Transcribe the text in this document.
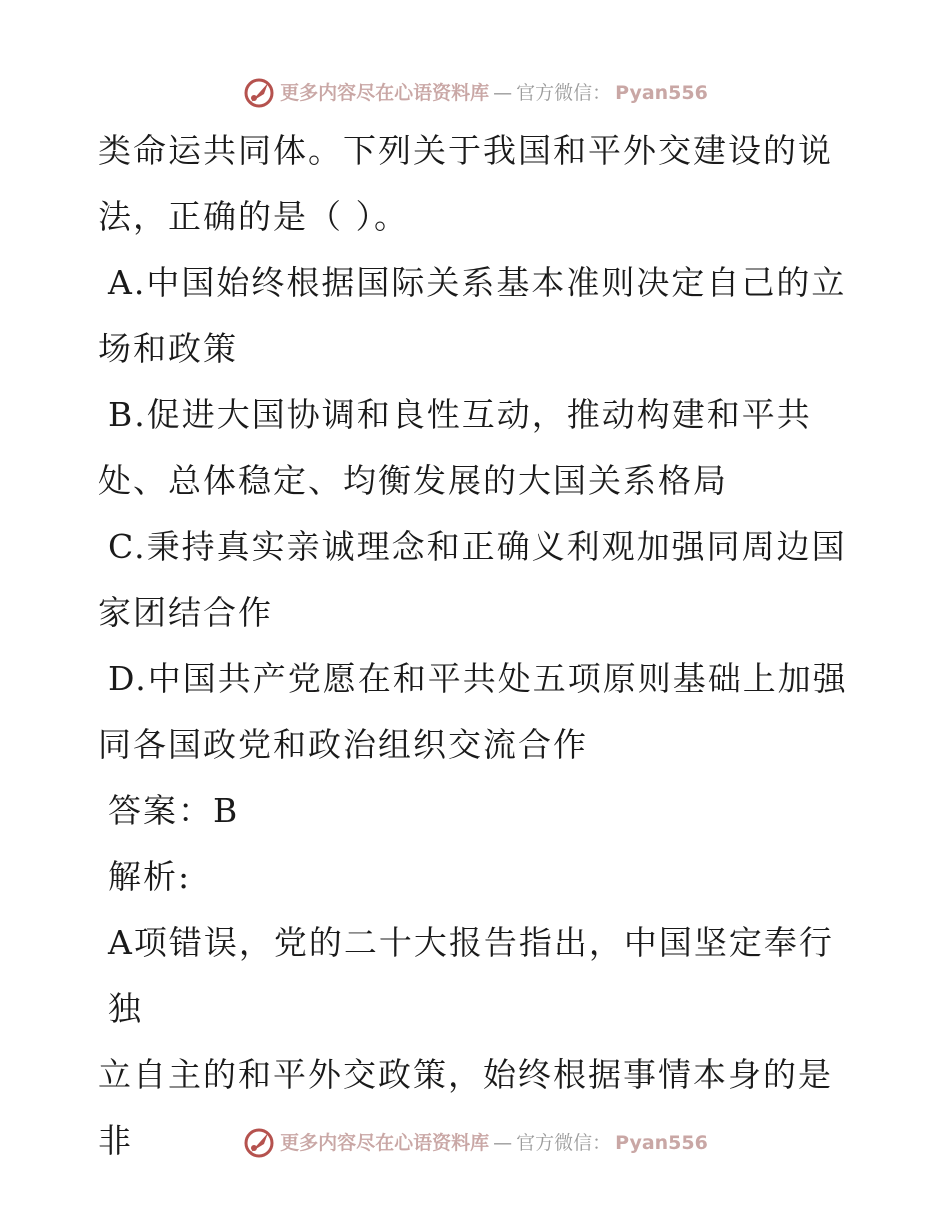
更多内容尽在心语资料库 — 官方微信： Pyan556

类命运共同体。下列关于我国和平外交建设的说

法，正确的是（ ）。

A.中国始终根据国际关系基本准则决定自己的立

场和政策

B.促进大国协调和良性互动，推动构建和平共

处、总体稳定、均衡发展的大国关系格局

C.秉持真实亲诚理念和正确义利观加强同周边国

家团结合作

D.中国共产党愿在和平共处五项原则基础上加强

同各国政党和政治组织交流合作

答案：B

解析:

A项错误，党的二十大报告指出，中国坚定奉行独

立自主的和平外交政策，始终根据事情本身的是非	更多内容尽在心语资料库 — 官方微信： Pyan556
